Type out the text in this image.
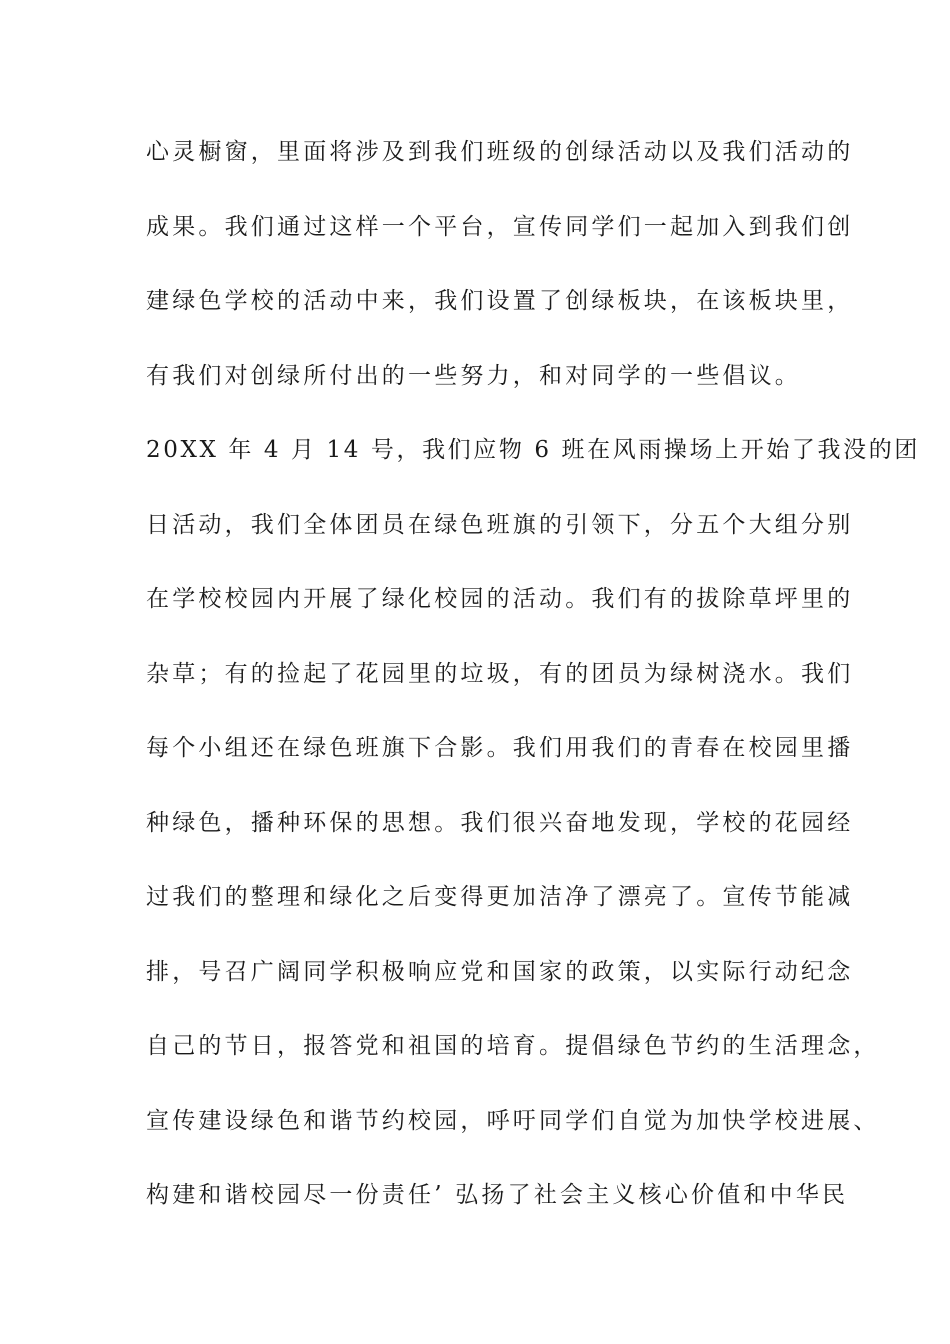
心灵橱窗，里面将涉及到我们班级的创绿活动以及我们活动的
成果。我们通过这样一个平台，宣传同学们一起加入到我们创
建绿色学校的活动中来，我们设置了创绿板块，在该板块里，
有我们对创绿所付出的一些努力，和对同学的一些倡议。
20XX 年 4 月 14 号，我们应物 6 班在风雨操场上开始了我没的团
日活动，我们全体团员在绿色班旗的引领下，分五个大组分别
在学校校园内开展了绿化校园的活动。我们有的拔除草坪里的
杂草；有的捡起了花园里的垃圾，有的团员为绿树浇水。我们
每个小组还在绿色班旗下合影。我们用我们的青春在校园里播
种绿色，播种环保的思想。我们很兴奋地发现，学校的花园经
过我们的整理和绿化之后变得更加洁净了漂亮了。宣传节能减
排，号召广阔同学积极响应党和国家的政策，以实际行动纪念
自己的节日，报答党和祖国的培育。提倡绿色节约的生活理念，
宣传建设绿色和谐节约校园，呼吁同学们自觉为加快学校进展、
构建和谐校园尽一份责任’ 弘扬了社会主义核心价值和中华民
